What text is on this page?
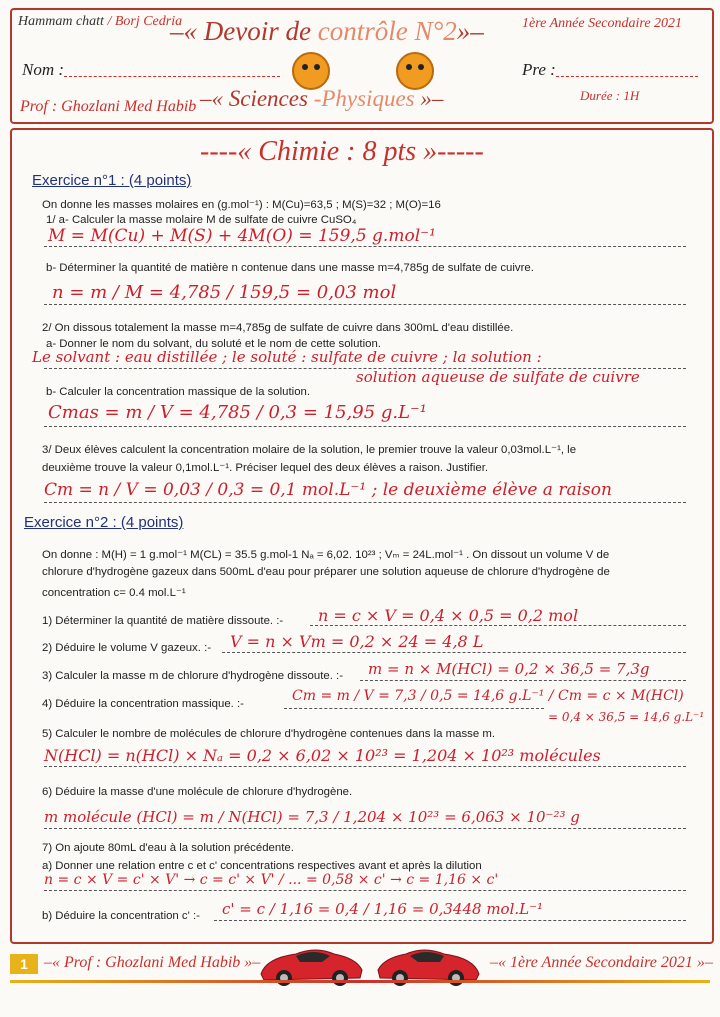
Hammam chatt / Borj Cedria
–« Devoir de contrôle N°2»–	1ère Année Secondaire 2021
Nom :	Pre :
–« Sciences -Physiques »–
Prof : Ghozlani Med Habib
Durée : 1H
----« Chimie : 8 pts »-----
Exercice n°1 : (4 points)
On donne les masses molaires en (g.mol⁻¹) : M(Cu)=63,5 ; M(S)=32 ; M(O)=16
1/ a- Calculer la masse molaire M de sulfate de cuivre CuSO₄
M = M(Cu) + M(S) + 4M(O) = 159,5 g.mol⁻¹
b- Déterminer la quantité de matière n contenue dans une masse m=4,785g de sulfate de cuivre.
n = m / M = 4,785 / 159,5 = 0,03 mol
2/ On dissous totalement la masse m=4,785g de sulfate de cuivre dans 300mL d'eau distillée.
a- Donner le nom du solvant, du soluté et le nom de cette solution.
Le solvant : eau distillée ; le soluté : sulfate de cuivre ; la solution :
solution aqueuse de sulfate de cuivre
b- Calculer la concentration massique de la solution.
Cmas = m / V = 4,785 / 0,3 = 15,95 g.L⁻¹
3/ Deux élèves calculent la concentration molaire de la solution, le premier trouve la valeur 0,03mol.L⁻¹, le
deuxième trouve la valeur 0,1mol.L⁻¹. Préciser lequel des deux élèves a raison. Justifier.
Cm = n / V = 0,03 / 0,3 = 0,1 mol.L⁻¹ ; le deuxième élève a raison
Exercice n°2 : (4 points)
On donne : M(H) = 1 g.mol⁻¹ M(CL) = 35.5 g.mol-1 Nₐ = 6,02. 10²³ ; Vₘ = 24L.mol⁻¹ . On dissout un volume V de
chlorure d'hydrogène gazeux dans 500mL d'eau pour préparer une solution aqueuse de chlorure d'hydrogène de
concentration c= 0.4 mol.L⁻¹
1) Déterminer la quantité de matière dissoute. :- n = c × V = 0,4 × 0,5 = 0,2 mol
2) Déduire le volume V gazeux. :- V = n × Vm = 0,2 × 24 = 4,8 L
3) Calculer la masse m de chlorure d'hydrogène dissoute. :- m = n × M(HCl) = 0,2 × 36,5 = 7,3g
4) Déduire la concentration massique. :-	Cm = m / V = 7,3 / 0,5 = 14,6 g.L⁻¹ / Cm = c × M(HCl)
= 0,4 × 36,5 = 14,6 g.L⁻¹
5) Calculer le nombre de molécules de chlorure d'hydrogène contenues dans la masse m.
N(HCl) = n(HCl) × Nₐ = 0,2 × 6,02 × 10²³ = 1,204 × 10²³ molécules
6) Déduire la masse d'une molécule de chlorure d'hydrogène.
m molécule (HCl) = m / N(HCl) = 7,3 / 1,204 × 10²³ = 6,063 × 10⁻²³ g
7) On ajoute 80mL d'eau à la solution précédente.
a) Donner une relation entre c et c' concentrations respectives avant et après la dilution
n = c × V = c' × V' → c = c' × V' / ... = 0,58 × c' → c = 1,16 × c'
b) Déduire la concentration c' :- c' = c / 1,16 = 0,4 / 1,16 = 0,3448 mol.L⁻¹
1	–« Prof : Ghozlani Med Habib »–	–« 1ère Année Secondaire 2021 »–
